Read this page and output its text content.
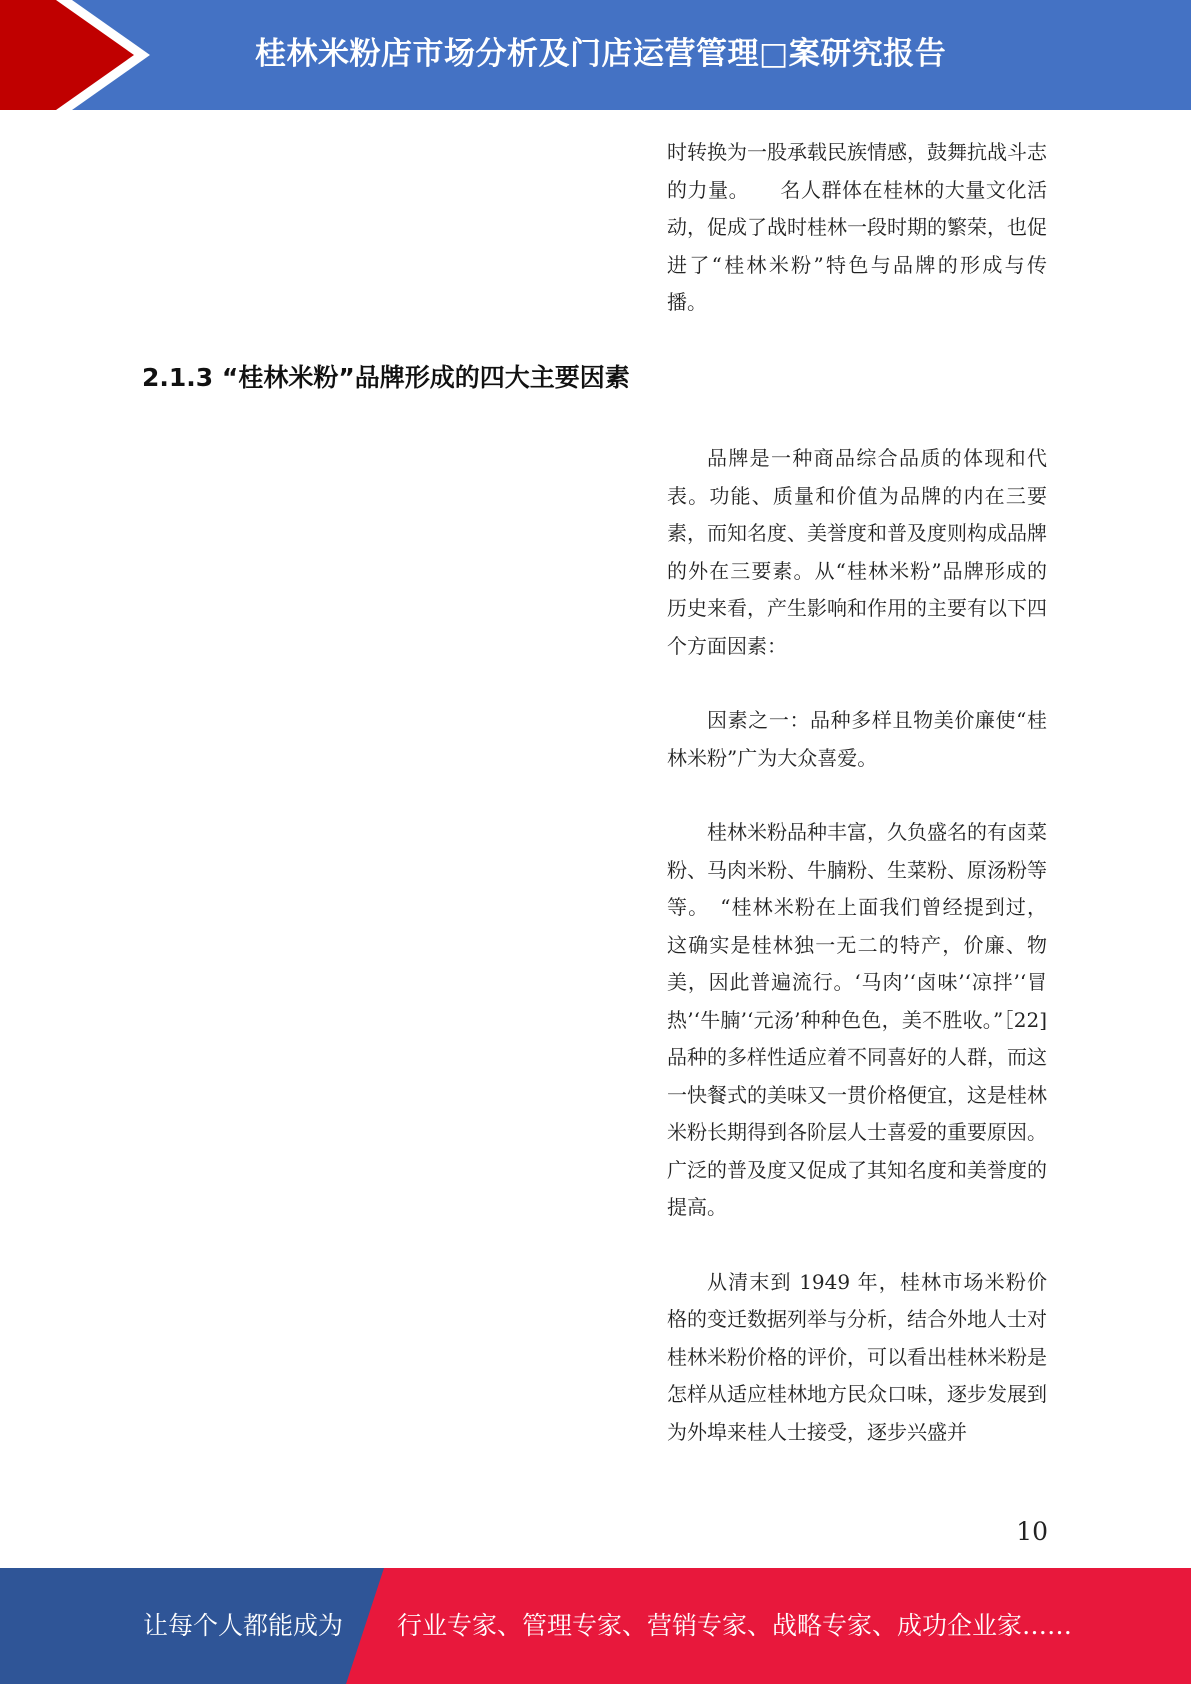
桂林米粉店市场分析及门店运营管理□案研究报告

时转换为一股承载民族情感，鼓舞抗战斗志的力量。　　名人群体在桂林的大量文化活动，促成了战时桂林一段时期的繁荣，也促进了“桂林米粉”特色与品牌的形成与传播。

2.1.3 “桂林米粉”品牌形成的四大主要因素

品牌是一种商品综合品质的体现和代表。功能、质量和价值为品牌的内在三要素，而知名度、美誉度和普及度则构成品牌的外在三要素。从“桂林米粉”品牌形成的历史来看，产生影响和作用的主要有以下四个方面因素：

因素之一：品种多样且物美价廉使“桂林米粉”广为大众喜爱。

桂林米粉品种丰富，久负盛名的有卤菜粉、马肉米粉、牛腩粉、生菜粉、原汤粉等等。　“桂林米粉在上面我们曾经提到过，这确实是桂林独一无二的特产，价廉、物美，因此普遍流行。‘马肉’‘卤味’‘凉拌’‘冒热’‘牛腩’‘元汤’种种色色，美不胜收。”［22]品种的多样性适应着不同喜好的人群，而这一快餐式的美味又一贯价格便宜，这是桂林米粉长期得到各阶层人士喜爱的重要原因。广泛的普及度又促成了其知名度和美誉度的提高。

从清末到 1949 年，桂林市场米粉价格的变迁数据列举与分析，结合外地人士对桂林米粉价格的评价，可以看出桂林米粉是怎样从适应桂林地方民众口味，逐步发展到为外埠来桂人士接受，逐步兴盛并

10
让每个人都能成为 行业专家、管理专家、营销专家、战略专家、成功企业家……
